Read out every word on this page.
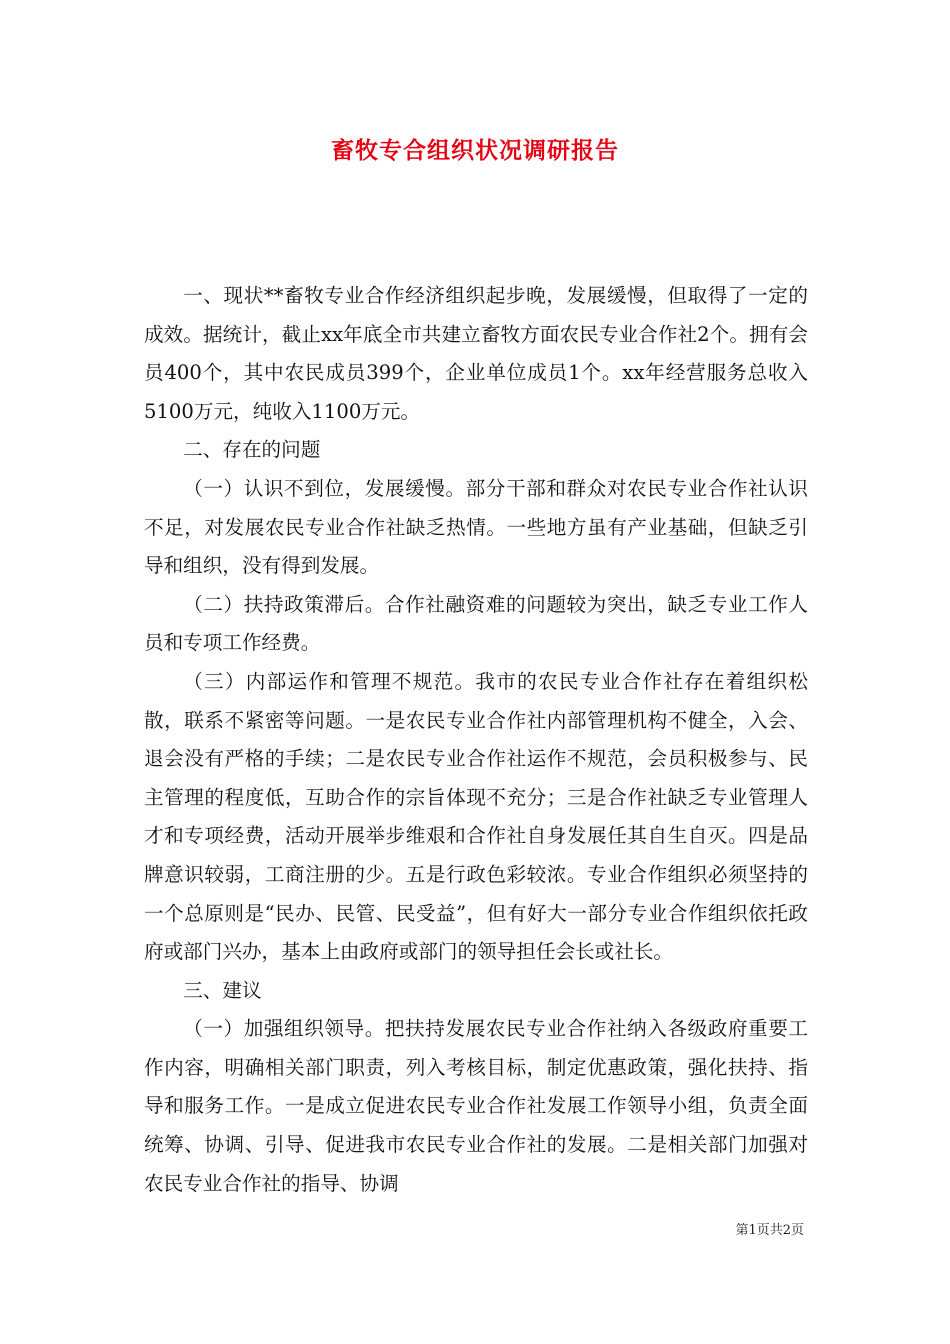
畜牧专合组织状况调研报告

一、现状**畜牧专业合作经济组织起步晚，发展缓慢，但取得了一定的成效。据统计，截止xx年底全市共建立畜牧方面农民专业合作社2个。拥有会员400个，其中农民成员399个，企业单位成员1个。xx年经营服务总收入5100万元，纯收入1100万元。

二、存在的问题

（一）认识不到位，发展缓慢。部分干部和群众对农民专业合作社认识不足，对发展农民专业合作社缺乏热情。一些地方虽有产业基础，但缺乏引导和组织，没有得到发展。

（二）扶持政策滞后。合作社融资难的问题较为突出，缺乏专业工作人员和专项工作经费。

（三）内部运作和管理不规范。我市的农民专业合作社存在着组织松散，联系不紧密等问题。一是农民专业合作社内部管理机构不健全，入会、退会没有严格的手续；二是农民专业合作社运作不规范，会员积极参与、民主管理的程度低，互助合作的宗旨体现不充分；三是合作社缺乏专业管理人才和专项经费，活动开展举步维艰和合作社自身发展任其自生自灭。四是品牌意识较弱，工商注册的少。五是行政色彩较浓。专业合作组织必须坚持的一个总原则是“民办、民管、民受益”，但有好大一部分专业合作组织依托政府或部门兴办，基本上由政府或部门的领导担任会长或社长。

三、建议

（一）加强组织领导。把扶持发展农民专业合作社纳入各级政府重要工作内容，明确相关部门职责，列入考核目标，制定优惠政策，强化扶持、指导和服务工作。一是成立促进农民专业合作社发展工作领导小组，负责全面统筹、协调、引导、促进我市农民专业合作社的发展。二是相关部门加强对农民专业合作社的指导、协调

第1页共2页
